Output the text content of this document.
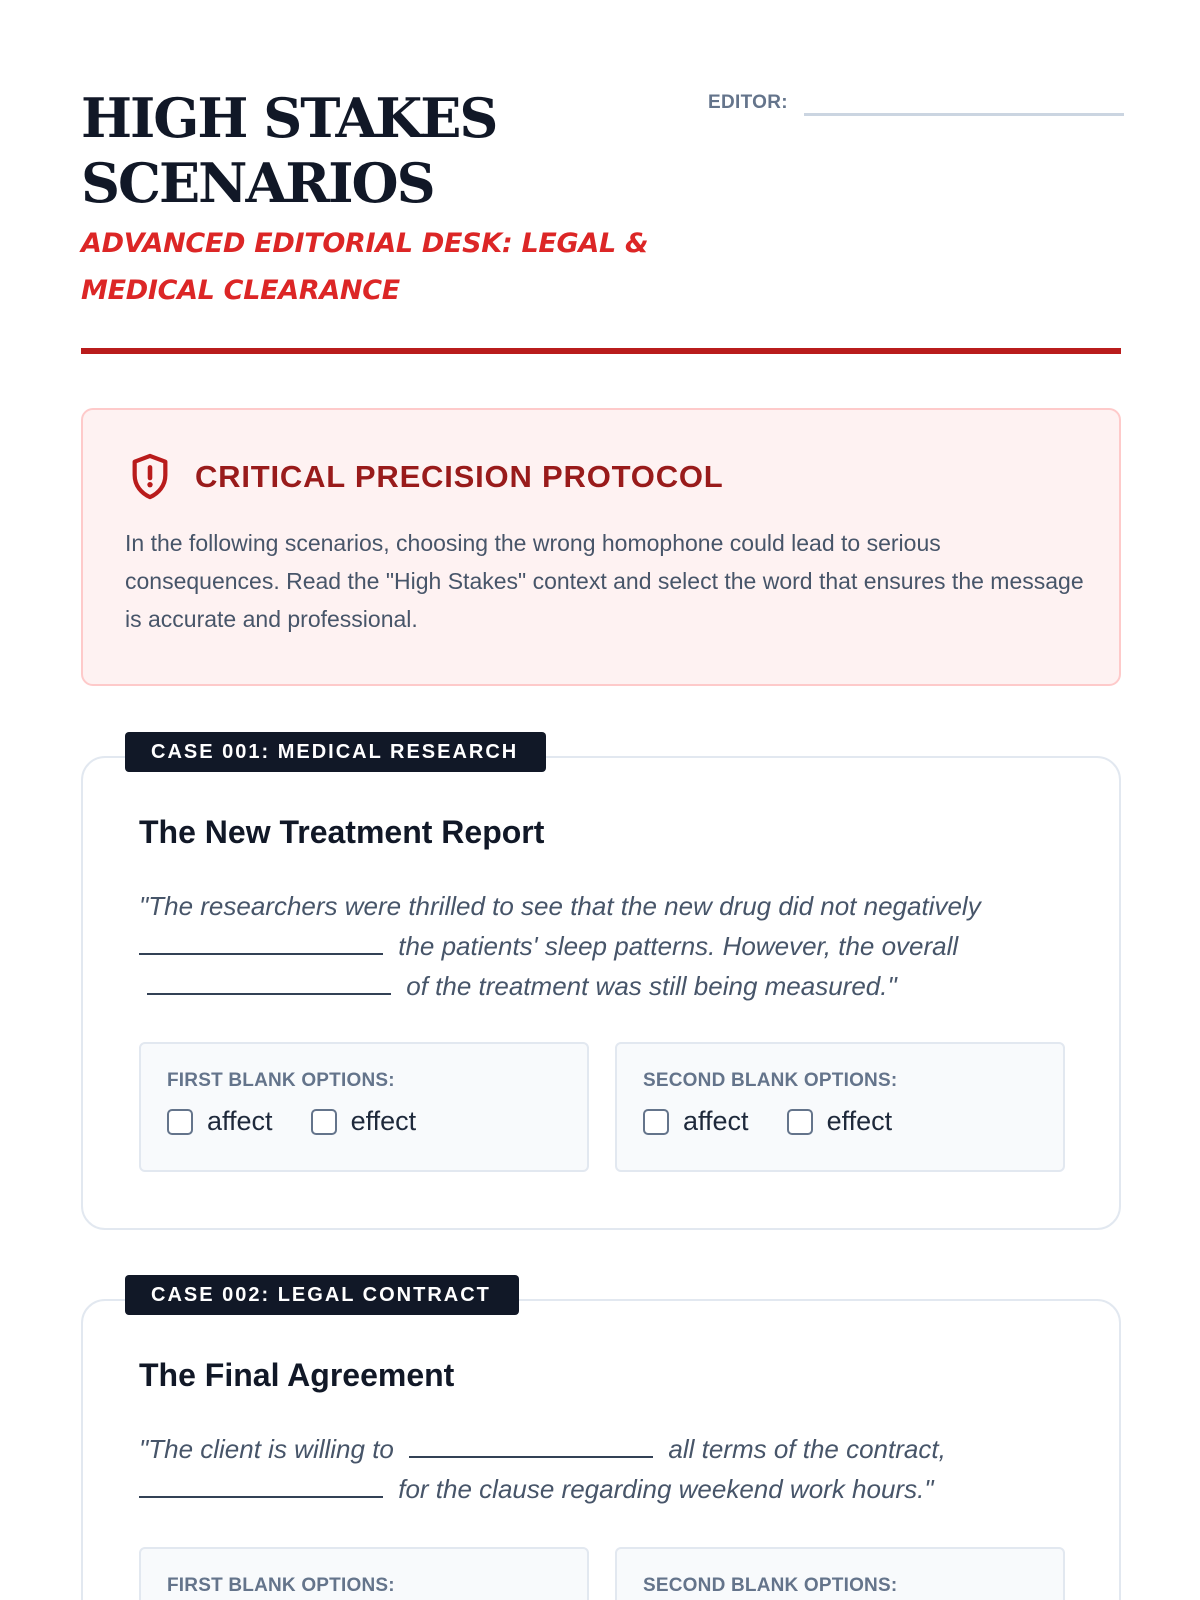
HIGH STAKES SCENARIOS
ADVANCED EDITORIAL DESK: LEGAL & MEDICAL CLEARANCE
EDITOR:
CRITICAL PRECISION PROTOCOL
In the following scenarios, choosing the wrong homophone could lead to serious consequences. Read the "High Stakes" context and select the word that ensures the message is accurate and professional.
CASE 001: MEDICAL RESEARCH
The New Treatment Report
"The researchers were thrilled to see that the new drug did not negatively  the patients' sleep patterns. However, the overall  of the treatment was still being measured."
FIRST BLANK OPTIONS:
affect	effect
SECOND BLANK OPTIONS:
affect	effect
CASE 002: LEGAL CONTRACT
The Final Agreement
"The client is willing to	all terms of the contract,  for the clause regarding weekend work hours."
FIRST BLANK OPTIONS:	SECOND BLANK OPTIONS:
